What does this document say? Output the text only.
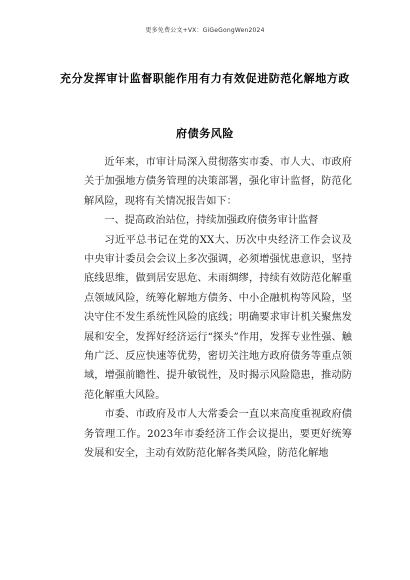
更多免费公文+VX：GiGeGongWen2024
充分发挥审计监督职能作用有力有效促进防范化解地方政
府债务风险

近年来，市审计局深入贯彻落实市委、市人大、市政府关于加强地方债务管理的决策部署，强化审计监督，防范化解风险，现将有关情况报告如下：

一、提高政治站位，持续加强政府债务审计监督

习近平总书记在党的XX大、历次中央经济工作会议及中央审计委员会会议上多次强调，必须增强忧患意识，坚持底线思维，做到居安思危、未雨绸缪，持续有效防范化解重点领域风险，统筹化解地方债务、中小企融机构等风险，坚决守住不发生系统性风险的底线；明确要求审计机关聚焦发展和安全，发挥好经济运行“探头”作用，发挥专业性强、触角广泛、反应快速等优势，密切关注地方政府债务等重点领域，增强前瞻性、提升敏锐性，及时揭示风险隐患，推动防范化解重大风险。

市委、市政府及市人大常委会一直以来高度重视政府债务管理工作。2023年市委经济工作会议提出，要更好统筹发展和安全，主动有效防范化解各类风险，防范化解地
